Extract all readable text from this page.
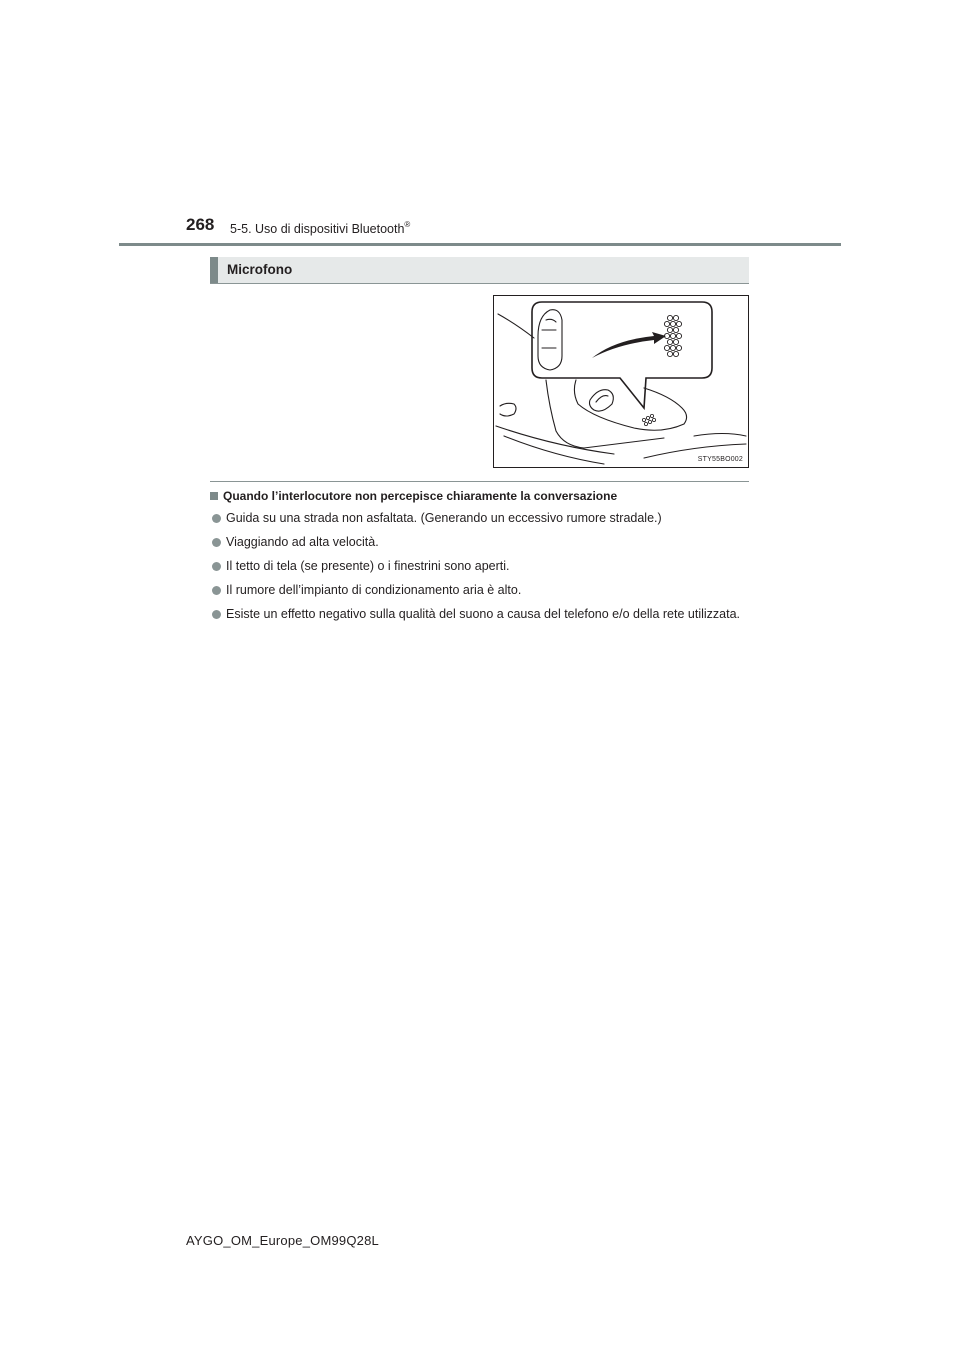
268 5-5. Uso di dispositivi Bluetooth®
Microfono
STY55BO002
Quando l’interlocutore non percepisce chiaramente la conversazione
Guida su una strada non asfaltata. (Generando un eccessivo rumore stradale.)
Viaggiando ad alta velocità.
Il tetto di tela (se presente) o i finestrini sono aperti.
Il rumore dell’impianto di condizionamento aria è alto.
Esiste un effetto negativo sulla qualità del suono a causa del telefono e/o della rete utilizzata.
AYGO_OM_Europe_OM99Q28L
